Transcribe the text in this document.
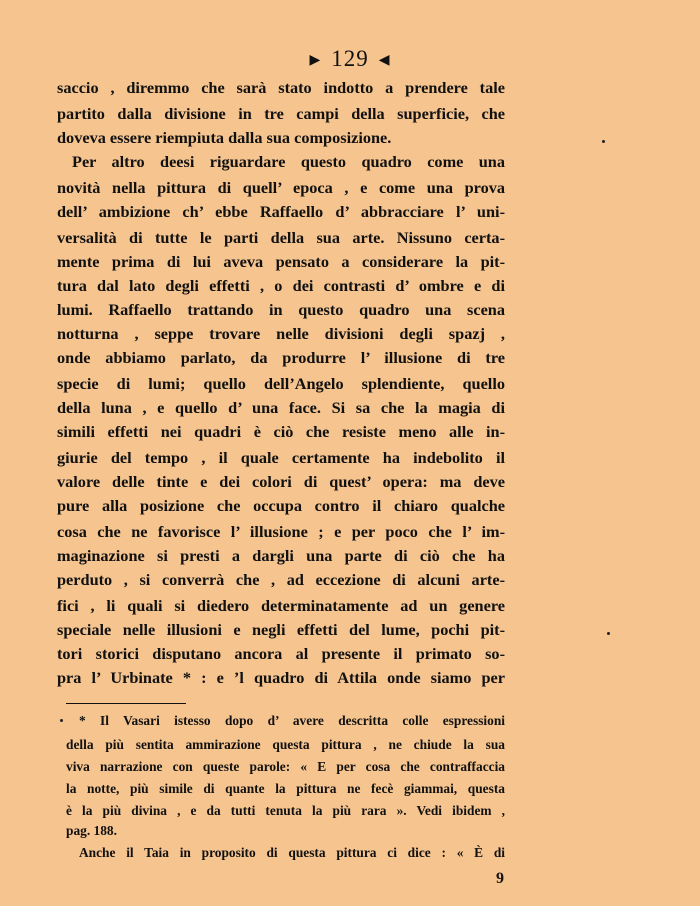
▶ 129 ◀
saccio , diremmo che sarà stato indotto a prendere tale
partito dalla divisione in tre campi della superficie, che
doveva essere riempiuta dalla sua composizione.
Per altro deesi riguardare questo quadro come una
novità nella pittura di quell’ epoca , e come una prova
dell’ ambizione ch’ ebbe Raffaello d’ abbracciare l’ uni-
versalità di tutte le parti della sua arte. Nissuno certa-
mente prima di lui aveva pensato a considerare la pit-
tura dal lato degli effetti , o dei contrasti d’ ombre e di
lumi. Raffaello trattando in questo quadro una scena
notturna , seppe trovare nelle divisioni degli spazj ,
onde abbiamo parlato, da produrre l’ illusione di tre
specie di lumi; quello dell’Angelo splendiente, quello
della luna , e quello d’ una face. Si sa che la magia di
simili effetti nei quadri è ciò che resiste meno alle in-
giurie del tempo , il quale certamente ha indebolito il
valore delle tinte e dei colori di quest’ opera: ma deve
pure alla posizione che occupa contro il chiaro qualche
cosa che ne favorisce l’ illusione ; e per poco che l’ im-
maginazione si presti a dargli una parte di ciò che ha
perduto , si converrà che , ad eccezione di alcuni arte-
fici , li quali si diedero determinatamente ad un genere
speciale nelle illusioni e negli effetti del lume, pochi pit-
tori storici disputano ancora al presente il primato so-
pra l’ Urbinate * : e ’l quadro di Attila onde siamo per
* Il Vasari istesso dopo d’ avere descritta colle espressioni
della più sentita ammirazione questa pittura , ne chiude la sua
viva narrazione con queste parole: « E per cosa che contraffaccia
la notte, più simile di quante la pittura ne fecè giammai, questa
è la più divina , e da tutti tenuta la più rara ». Vedi ibidem ,
pag. 188.
Anche il Taia in proposito di questa pittura ci dice : « È di
9
